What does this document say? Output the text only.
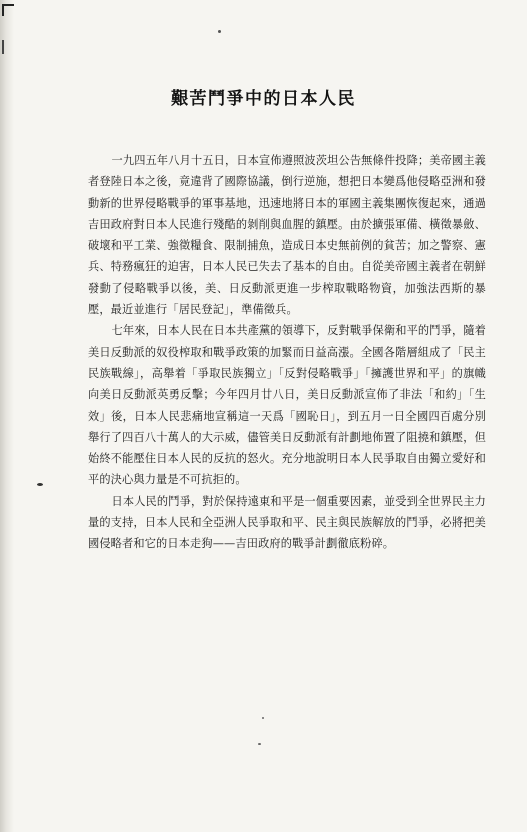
艱苦鬥爭中的日本人民

一九四五年八月十五日，日本宣佈遵照波茨坦公告無條件投降；美帝國主義者登陸日本之後，竟違背了國際協議，倒行逆施，想把日本變爲他侵略亞洲和發動新的世界侵略戰爭的軍事基地，迅速地將日本的軍國主義集團恢復起來，通過吉田政府對日本人民進行殘酷的剝削與血腥的鎮壓。由於擴張軍備、橫徵暴斂、破壞和平工業、強徵糧食、限制捕魚，造成日本史無前例的貧苦；加之警察、憲兵、特務瘋狂的迫害，日本人民已失去了基本的自由。自從美帝國主義者在朝鮮發動了侵略戰爭以後，美、日反動派更進一步榨取戰略物資，加強法西斯的暴壓，最近並進行「居民登記」，準備徵兵。

七年來，日本人民在日本共產黨的領導下，反對戰爭保衛和平的鬥爭，隨着美日反動派的奴役榨取和戰爭政策的加緊而日益高漲。全國各階層組成了「民主民族戰線」，高舉着「爭取民族獨立」「反對侵略戰爭」「擁護世界和平」的旗幟向美日反動派英勇反擊；今年四月廿八日，美日反動派宣佈了非法「和約」「生效」後，日本人民悲痛地宣稱這一天爲「國恥日」，到五月一日全國四百處分別舉行了四百八十萬人的大示威，儘管美日反動派有計劃地佈置了阻撓和鎮壓，但始終不能壓住日本人民的反抗的怒火。充分地說明日本人民爭取自由獨立愛好和平的決心與力量是不可抗拒的。

日本人民的鬥爭，對於保持遠東和平是一個重要因素，並受到全世界民主力量的支持，日本人民和全亞洲人民爭取和平、民主與民族解放的鬥爭，必將把美國侵略者和它的日本走狗——吉田政府的戰爭計劃徹底粉碎。
